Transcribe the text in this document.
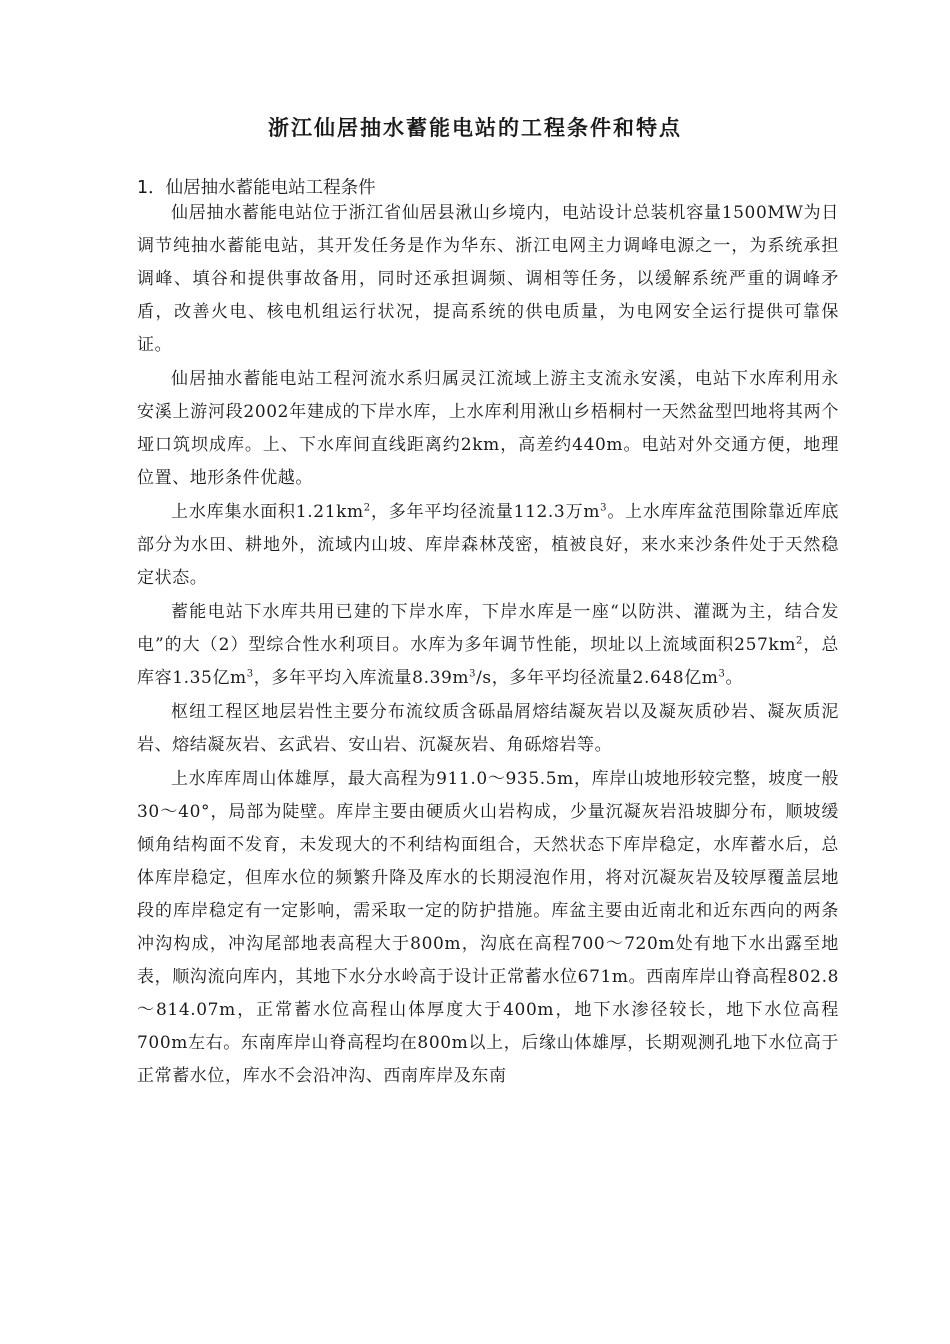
浙江仙居抽水蓄能电站的工程条件和特点
1．仙居抽水蓄能电站工程条件

仙居抽水蓄能电站位于浙江省仙居县湫山乡境内，电站设计总装机容量1500MW为日调节纯抽水蓄能电站，其开发任务是作为华东、浙江电网主力调峰电源之一，为系统承担调峰、填谷和提供事故备用，同时还承担调频、调相等任务，以缓解系统严重的调峰矛盾，改善火电、核电机组运行状况，提高系统的供电质量，为电网安全运行提供可靠保证。

仙居抽水蓄能电站工程河流水系归属灵江流域上游主支流永安溪，电站下水库利用永安溪上游河段2002年建成的下岸水库，上水库利用湫山乡梧桐村一天然盆型凹地将其两个垭口筑坝成库。上、下水库间直线距离约2km，高差约440m。电站对外交通方便，地理位置、地形条件优越。

上水库集水面积$1.21km^2$，多年平均径流量112.3万$m^3$。上水库库盆范围除靠近库底部分为水田、耕地外，流域内山坡、库岸森林茂密，植被良好，来水来沙条件处于天然稳定状态。

蓄能电站下水库共用已建的下岸水库，下岸水库是一座“以防洪、灌溉为主，结合发电”的大（2）型综合性水利项目。水库为多年调节性能，坝址以上流域面积$257km^2$，总库容1.35亿$m^3$，多年平均入库流量$8.39m^3/s$，多年平均径流量2.648亿$m^3$。

枢纽工程区地层岩性主要分布流纹质含砾晶屑熔结凝灰岩以及凝灰质砂岩、凝灰质泥岩、熔结凝灰岩、玄武岩、安山岩、沉凝灰岩、角砾熔岩等。

上水库库周山体雄厚，最大高程为911.0～935.5m，库岸山坡地形较完整，坡度一般30～40°，局部为陡壁。库岸主要由硬质火山岩构成，少量沉凝灰岩沿坡脚分布，顺坡缓倾角结构面不发育，未发现大的不利结构面组合，天然状态下库岸稳定，水库蓄水后，总体库岸稳定，但库水位的频繁升降及库水的长期浸泡作用，将对沉凝灰岩及较厚覆盖层地段的库岸稳定有一定影响，需采取一定的防护措施。库盆主要由近南北和近东西向的两条冲沟构成，冲沟尾部地表高程大于800m，沟底在高程700～720m处有地下水出露至地表，顺沟流向库内，其地下水分水岭高于设计正常蓄水位671m。西南库岸山脊高程802.8～814.07m，正常蓄水位高程山体厚度大于400m，地下水渗径较长，地下水位高程700m左右。东南库岸山脊高程均在800m以上，后缘山体雄厚，长期观测孔地下水位高于正常蓄水位，库水不会沿冲沟、西南库岸及东南
